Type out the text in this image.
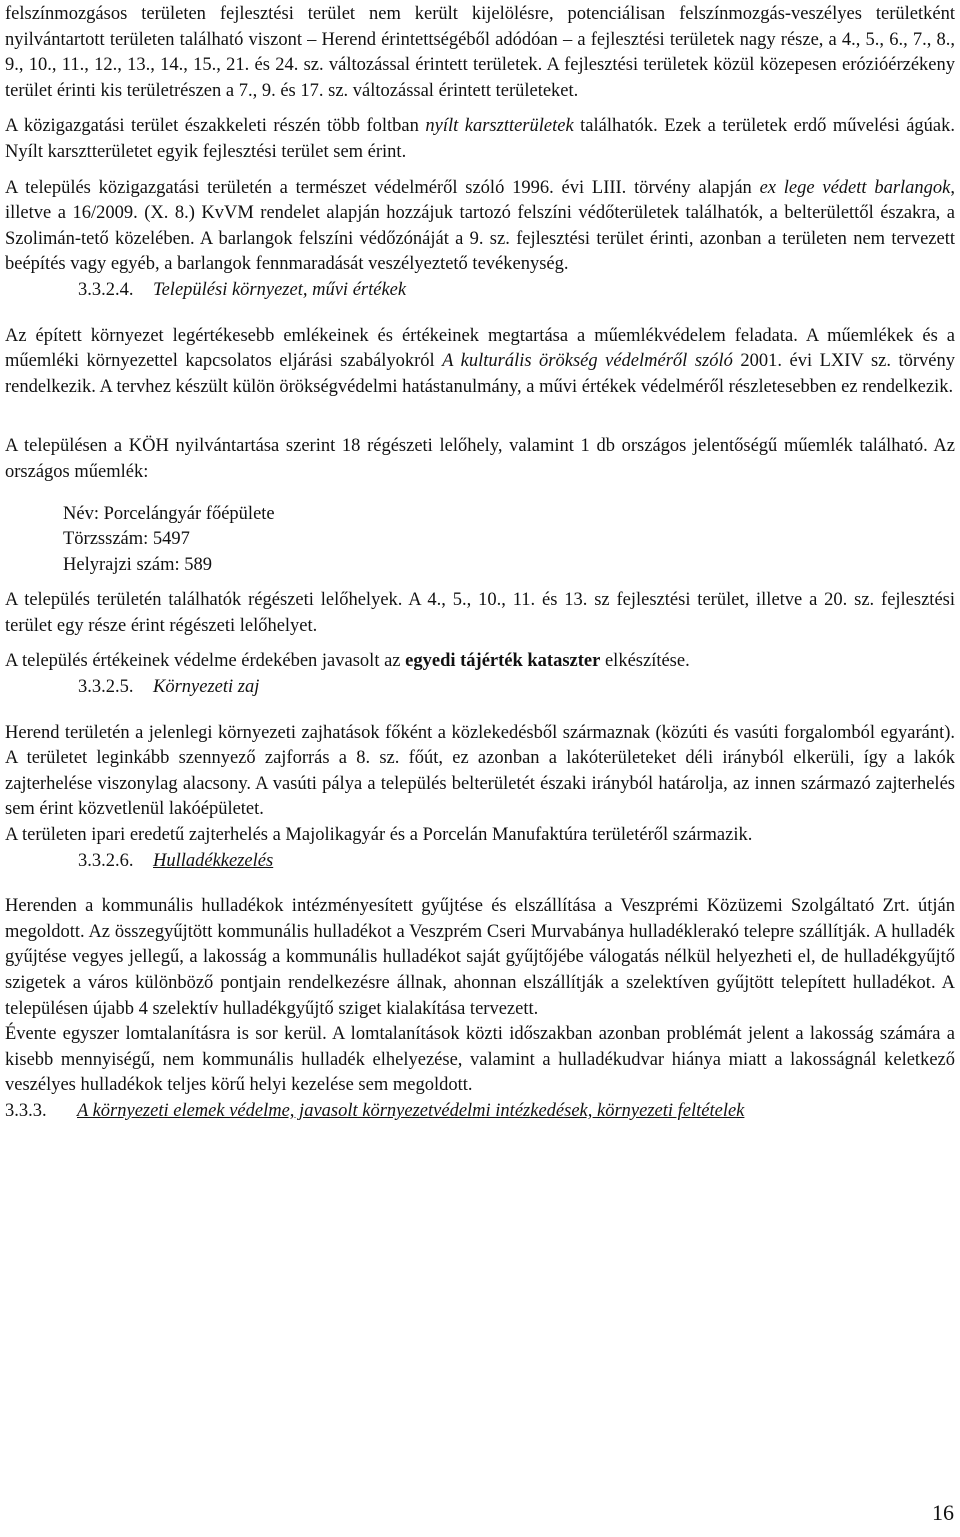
felszínmozgásos területen fejlesztési terület nem került kijelölésre, potenciálisan felszínmozgás-veszélyes területként nyilvántartott területen található viszont – Herend érintettségéből adódóan – a fejlesztési területek nagy része, a 4., 5., 6., 7., 8., 9., 10., 11., 12., 13., 14., 15., 21. és 24. sz. változással érintett területek. A fejlesztési területek közül közepesen erózióérzékeny terület érinti kis területrészen a 7., 9. és 17. sz. változással érintett területeket.

A közigazgatási terület északkeleti részén több foltban nyílt karsztterületek találhatók. Ezek a területek erdő művelési ágúak. Nyílt karsztterületet egyik fejlesztési terület sem érint.

A település közigazgatási területén a természet védelméről szóló 1996. évi LIII. törvény alapján ex lege védett barlangok, illetve a 16/2009. (X. 8.) KvVM rendelet alapján hozzájuk tartozó felszíni védőterületek találhatók, a belterülettől északra, a Szolimán-tető közelében. A barlangok felszíni védőzónáját a 9. sz. fejlesztési terület érinti, azonban a területen nem tervezett beépítés vagy egyéb, a barlangok fennmaradását veszélyeztető tevékenység.

3.3.2.4.	Települési környezet, művi értékek

Az épített környezet legértékesebb emlékeinek és értékeinek megtartása a műemlékvédelem feladata. A műemlékek és a műemléki környezettel kapcsolatos eljárási szabályokról A kulturális örökség védelméről szóló 2001. évi LXIV sz. törvény rendelkezik. A tervhez készült külön örökségvédelmi hatástanulmány, a művi értékek védelméről részletesebben ez rendelkezik.

A településen a KÖH nyilvántartása szerint 18 régészeti lelőhely, valamint 1 db országos jelentőségű műemlék található. Az országos műemlék:

Név: Porcelángyár főépülete
Törzsszám: 5497
Helyrajzi szám: 589

A település területén találhatók régészeti lelőhelyek. A 4., 5., 10., 11. és 13. sz fejlesztési terület, illetve a 20. sz. fejlesztési terület egy része érint régészeti lelőhelyet.

A település értékeinek védelme érdekében javasolt az egyedi tájérték kataszter elkészítése.

3.3.2.5.	Környezeti zaj

Herend területén a jelenlegi környezeti zajhatások főként a közlekedésből származnak (közúti és vasúti forgalomból egyaránt). A területet leginkább szennyező zajforrás a 8. sz. főút, ez azonban a lakóterületeket déli irányból elkerüli, így a lakók zajterhelése viszonylag alacsony. A vasúti pálya a település belterületét északi irányból határolja, az innen származó zajterhelés sem érint közvetlenül lakóépületet.

A területen ipari eredetű zajterhelés a Majolikagyár és a Porcelán Manufaktúra területéről származik.

3.3.2.6.	Hulladékkezelés

Herenden a kommunális hulladékok intézményesített gyűjtése és elszállítása a Veszprémi Közüzemi Szolgáltató Zrt. útján megoldott. Az összegyűjtött kommunális hulladékot a Veszprém Cseri Murvabánya hulladéklerakó telepre szállítják. A hulladék gyűjtése vegyes jellegű, a lakosság a kommunális hulladékot saját gyűjtőjébe válogatás nélkül helyezheti el, de hulladékgyűjtő szigetek a város különböző pontjain rendelkezésre állnak, ahonnan elszállítják a szelektíven gyűjtött telepített hulladékot. A településen újabb 4 szelektív hulladékgyűjtő sziget kialakítása tervezett.

Évente egyszer lomtalanításra is sor kerül. A lomtalanítások közti időszakban azonban problémát jelent a lakosság számára a kisebb mennyiségű, nem kommunális hulladék elhelyezése, valamint a hulladékudvar hiánya miatt a lakosságnál keletkező veszélyes hulladékok teljes körű helyi kezelése sem megoldott.

3.3.3.	A környezeti elemek védelme, javasolt környezetvédelmi intézkedések, környezeti feltételek
16
